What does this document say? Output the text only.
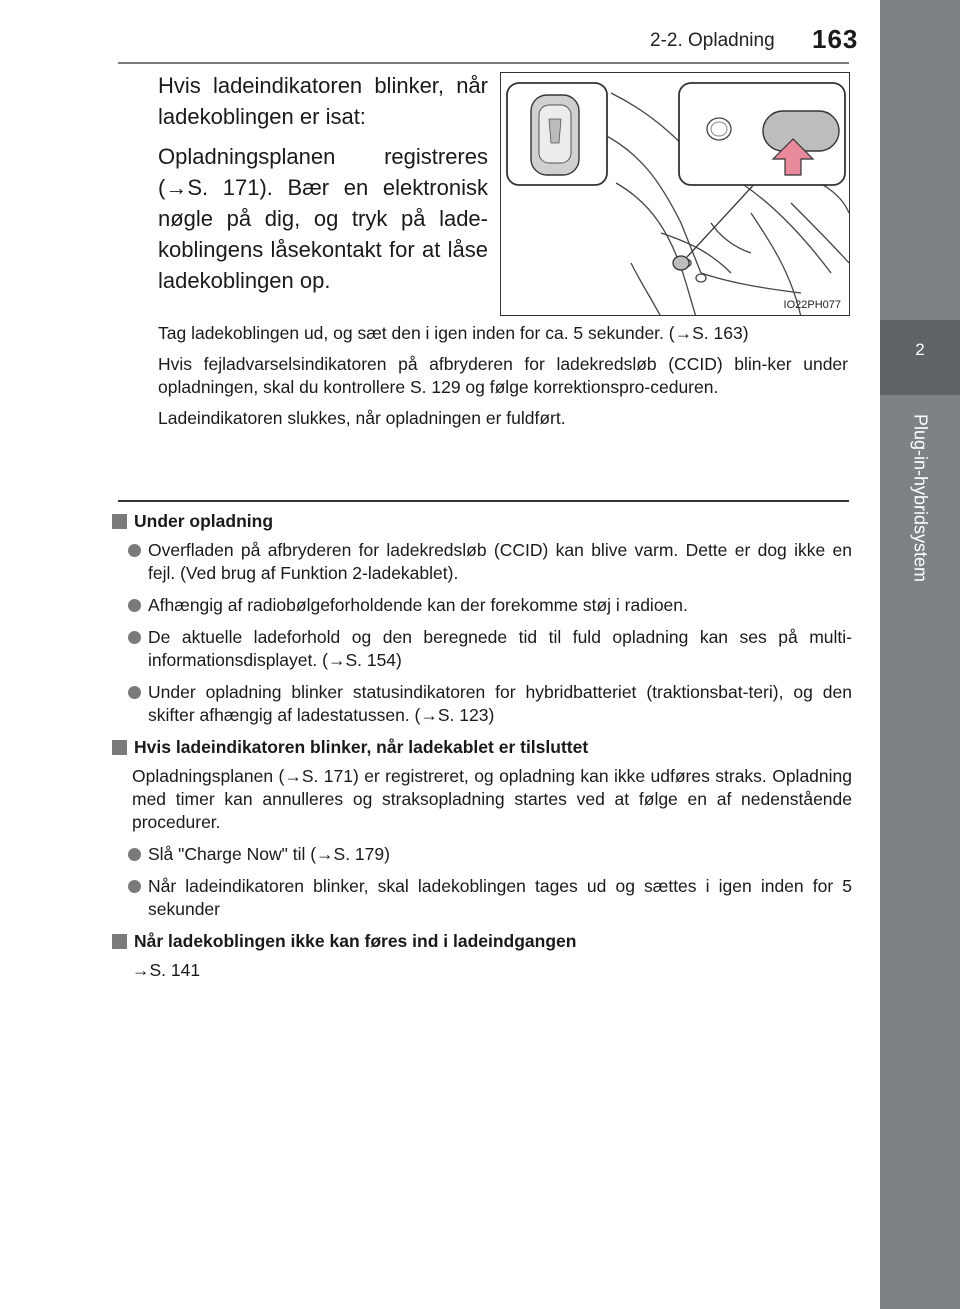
2-2. Opladning 163
2
Plug-in-hybridsystem

Hvis ladeindikatoren blinker, når ladekoblingen er isat:

Opladningsplanen registreres (→S. 171). Bær en elektronisk nøgle på dig, og tryk på lade-koblingens låsekontakt for at låse ladekoblingen op.

IO22PH077

Tag ladekoblingen ud, og sæt den i igen inden for ca. 5 sekunder. (→S. 163)

Hvis fejladvarselsindikatoren på afbryderen for ladekredsløb (CCID) blin-ker under opladningen, skal du kontrollere S. 129 og følge korrektionspro-ceduren.

Ladeindikatoren slukkes, når opladningen er fuldført.

Under opladning
Overfladen på afbryderen for ladekredsløb (CCID) kan blive varm. Dette er dog ikke en fejl. (Ved brug af Funktion 2-ladekablet).
Afhængig af radiobølgeforholdende kan der forekomme støj i radioen.
De aktuelle ladeforhold og den beregnede tid til fuld opladning kan ses på multi-informationsdisplayet. (→S. 154)
Under opladning blinker statusindikatoren for hybridbatteriet (traktionsbat-teri), og den skifter afhængig af ladestatussen. (→S. 123)
Hvis ladeindikatoren blinker, når ladekablet er tilsluttet
Opladningsplanen (→S. 171) er registreret, og opladning kan ikke udføres straks. Opladning med timer kan annulleres og straksopladning startes ved at følge en af nedenstående procedurer.
Slå "Charge Now" til (→S. 179)
Når ladeindikatoren blinker, skal ladekoblingen tages ud og sættes i igen inden for 5 sekunder
Når ladekoblingen ikke kan føres ind i ladeindgangen
→S. 141
